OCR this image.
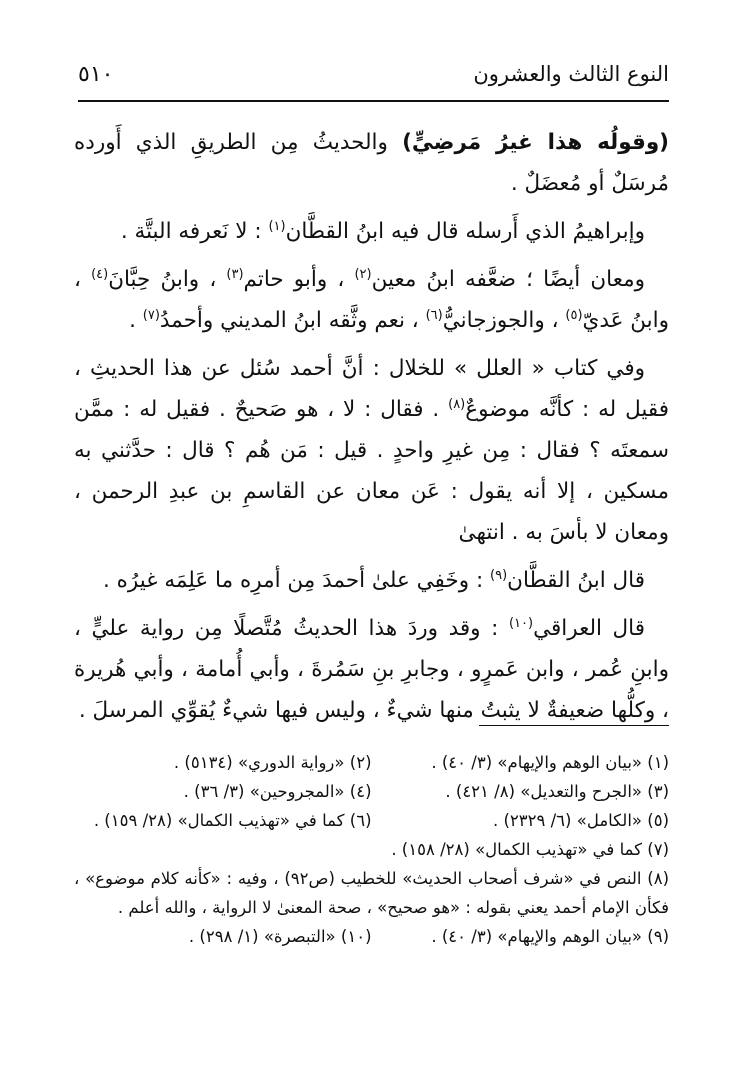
النوع الثالث والعشرون
٥١٠

(وقولُه هذا غيرُ مَرضِيٍّ) والحديثُ مِن الطريقِ الذي أَورده مُرسَلٌ أو مُعضَلٌ .

وإبراهيمُ الذي أَرسله قال فيه ابنُ القطَّان$^{(١)}$ : لا نَعرفه البتَّة .

ومعان أيضًا ؛ ضعَّفه ابنُ معين$^{(٢)}$ ، وأبو حاتم$^{(٣)}$ ، وابنُ حِبَّانَ$^{(٤)}$ ، وابنُ عَديّ$^{(٥)}$ ، والجوزجانيُّ$^{(٦)}$ ، نعم وثَّقه ابنُ المديني وأحمدُ$^{(٧)}$ .

وفي كتاب « العلل » للخلال : أنَّ أحمد سُئل عن هذا الحديثِ ، فقيل له : كأنَّه موضوعٌ$^{(٨)}$ . فقال : لا ، هو صَحيحٌ . فقيل له : ممَّن سمعتَه ؟ فقال : مِن غيرِ واحدٍ . قيل : مَن هُم ؟ قال : حدَّثني به مسكين ، إلا أنه يقول : عَن معان عن القاسمِ بن عبدِ الرحمن ، ومعان لا بأسَ به . انتهىٰ

قال ابنُ القطَّان$^{(٩)}$ : وخَفِي علىٰ أحمدَ مِن أمرِه ما عَلِمَه غيرُه .

قال العراقي$^{(١٠)}$ : وقد وردَ هذا الحديثُ مُتَّصلًا مِن رواية عليٍّ ، وابنِ عُمر ، وابن عَمرٍو ، وجابرِ بنِ سَمُرةَ ، وأبي أُمامة ، وأبي هُريرة ، وكلُّها ضعيفةٌ لا يثبتُ منها شيءٌ ، وليس فيها شيءٌ يُقوِّي المرسلَ .

(١) «بيان الوهم والإيهام» (٣/ ٤٠) .
(٢) «رواية الدوري» (٥١٣٤) .
(٣) «الجرح والتعديل» (٨/ ٤٢١) .
(٤) «المجروحين» (٣/ ٣٦) .
(٥) «الكامل» (٦/ ٢٣٢٩) .
(٦) كما في «تهذيب الكمال» (٢٨/ ١٥٩) .
(٧) كما في «تهذيب الكمال» (٢٨/ ١٥٨) .
(٨) النص في «شرف أصحاب الحديث» للخطيب (ص٩٢) ، وفيه : «كأنه كلام موضوع» ، فكأن الإمام أحمد يعني بقوله : «هو صحيح» ، صحة المعنىٰ لا الرواية ، والله أعلم .
(٩) «بيان الوهم والإيهام» (٣/ ٤٠) .
(١٠) «التبصرة» (١/ ٢٩٨) .
